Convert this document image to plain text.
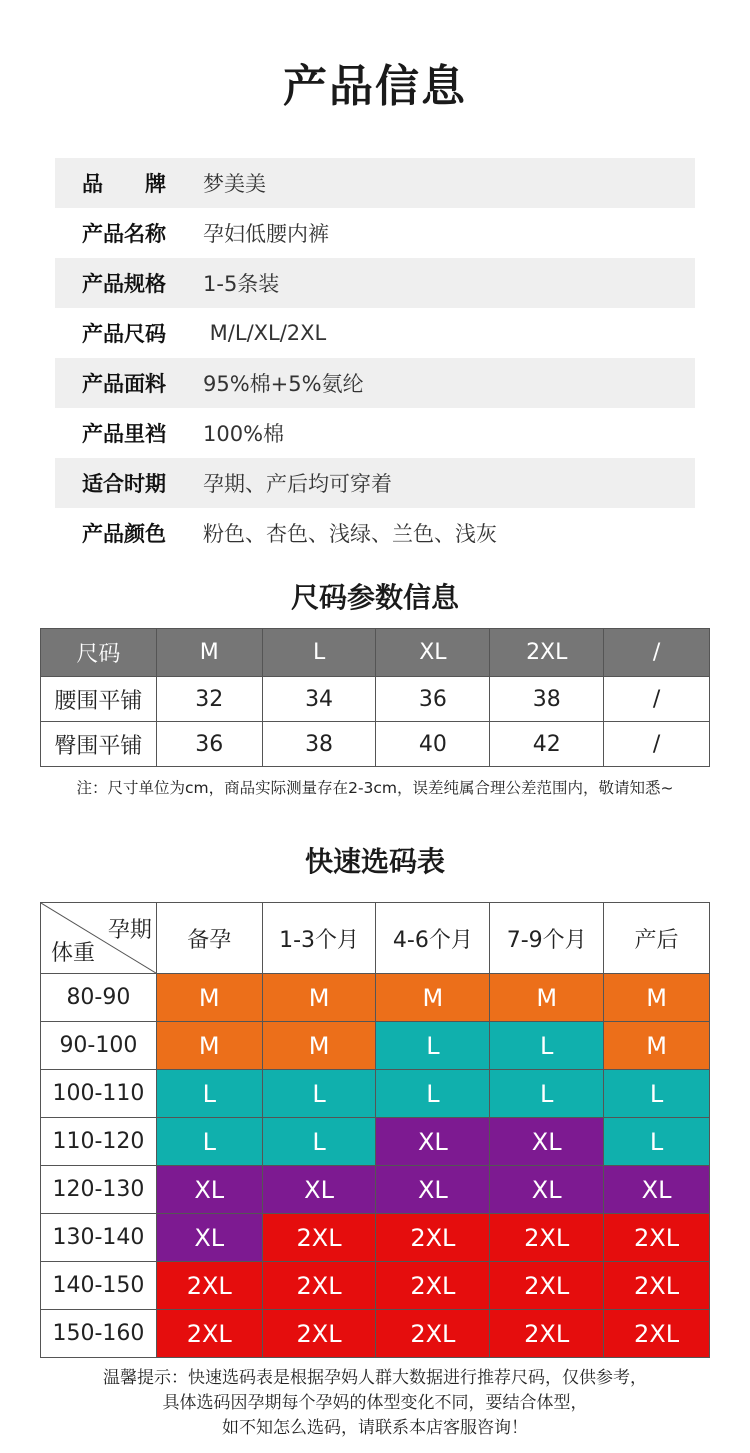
产品信息
品　　牌	梦美美
产品名称	孕妇低腰内裤
产品规格	1-5条装
产品尺码	M/L/XL/2XL
产品面料	95%棉+5%氨纶
产品里裆	100%棉
适合时期	孕期、产后均可穿着
产品颜色	粉色、杏色、浅绿、兰色、浅灰
尺码参数信息
尺码	M	L	XL	2XL	/
腰围平铺	32	34	36	38	/
臀围平铺	36	38	40	42	/
注：尺寸单位为cm，商品实际测量存在2-3cm，误差纯属合理公差范围内，敬请知悉~
快速选码表
孕期
体重	备孕	1-3个月	4-6个月	7-9个月	产后
80-90	M	M	M	M	M
90-100	M	M	L	L	M
100-110	L	L	L	L	L
110-120	L	L	XL	XL	L
120-130	XL	XL	XL	XL	XL
130-140	XL	2XL	2XL	2XL	2XL
140-150	2XL	2XL	2XL	2XL	2XL
150-160	2XL	2XL	2XL	2XL	2XL
温馨提示：快速选码表是根据孕妈人群大数据进行推荐尺码，仅供参考，
具体选码因孕期每个孕妈的体型变化不同，要结合体型，
如不知怎么选码，请联系本店客服咨询！
